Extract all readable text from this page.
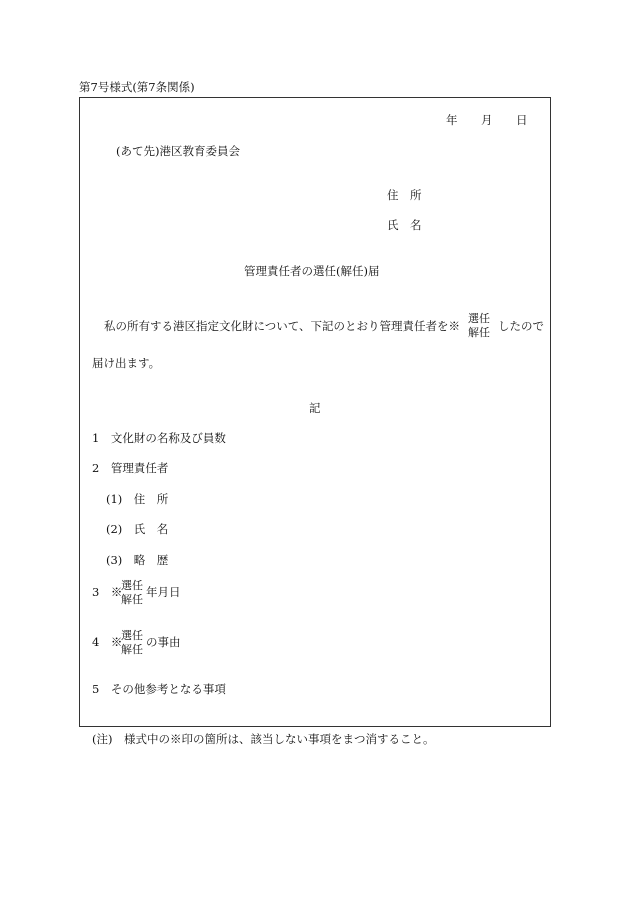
第7号様式(第7条関係)
年 月 日
(あて先)港区教育委員会
住　所
氏　名
管理責任者の選任(解任)届
私の所有する港区指定文化財について、下記のとおり管理責任者を※
選任
解任 したので
届け出ます。
記
1　文化財の名称及び員数
2　管理責任者
(1)　住　所
(2)　氏　名
(3)　略　歴
3　※
選任
解任
年月日
4　※
選任
解任
の事由
5　その他参考となる事項
(注)　様式中の※印の箇所は、該当しない事項をまつ消すること。
